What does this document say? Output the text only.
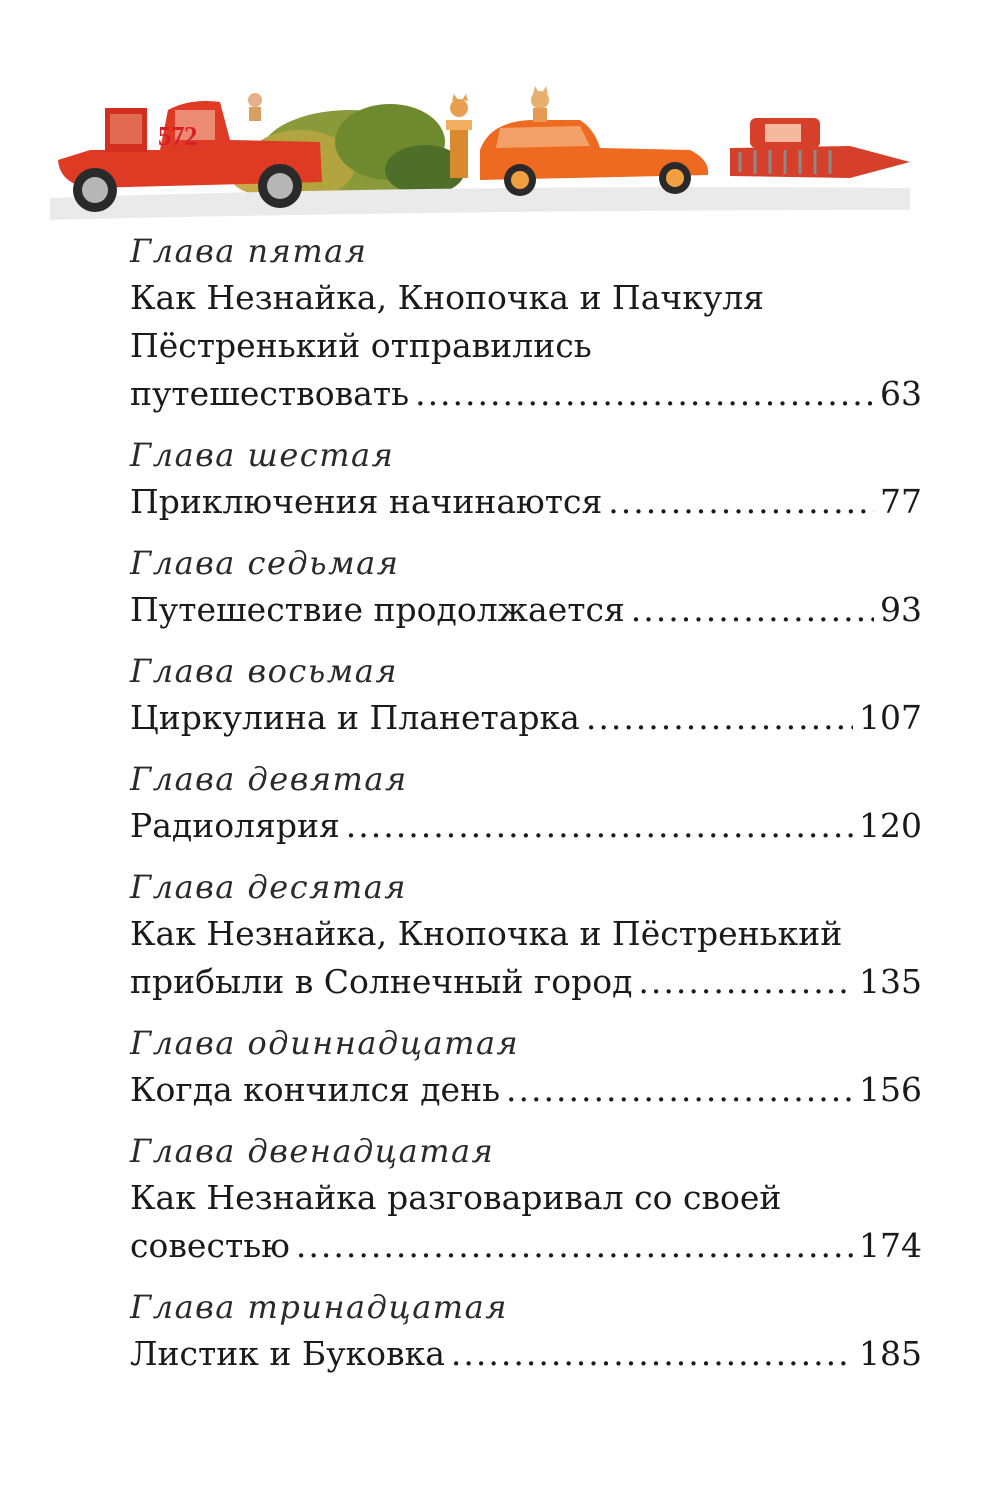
572
Глава пятая
Как Незнайка, Кнопочка и Пачкуля
Пёстренький отправились
путешествовать .....	63
Глава шестая
Приключения начинаются .....	77
Глава седьмая
Путешествие продолжается .....	93
Глава восьмая
Циркулина и Планетарка .....	107
Глава девятая
Радиолярия .....	120
Глава десятая
Как Незнайка, Кнопочка и Пёстренький
прибыли в Солнечный город .....	135
Глава одиннадцатая
Когда кончился день .....	156
Глава двенадцатая
Как Незнайка разговаривал со своей
совестью .....	174
Глава тринадцатая
Листик и Буковка .....	185
